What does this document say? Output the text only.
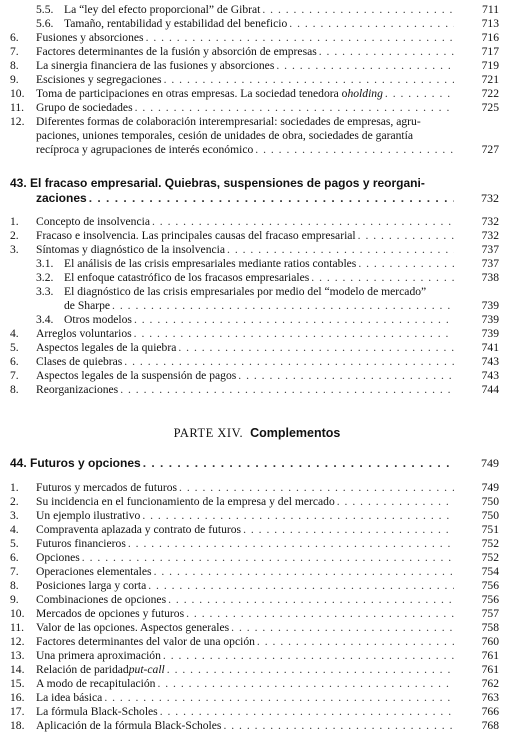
5.5. La “ley del efecto proporcional” de Gibrat . . .	711
5.6. Tamaño, rentabilidad y estabilidad del beneficio . . .	713
6. Fusiones y absorciones . . .	716
7. Factores determinantes de la fusión y absorción de empresas . . .	717
8. La sinergia financiera de las fusiones y absorciones . . .	719
9. Escisiones y segregaciones . . .	721
10. Toma de participaciones en otras empresas. La sociedad tenedora o holding . . .	722
11. Grupo de sociedades . . .	725
12. Diferentes formas de colaboración interempresarial: sociedades de empresas, agru-
paciones, uniones temporales, cesión de unidades de obra, sociedades de garantía
recíproca y agrupaciones de interés económico . . .	727
43. El fracaso empresarial. Quiebras, suspensiones de pagos y reorgani-
zaciones . . .	732
1. Concepto de insolvencia . . .	732
2. Fracaso e insolvencia. Las principales causas del fracaso empresarial . . .	732
3. Síntomas y diagnóstico de la insolvencia . . .	737
3.1. El análisis de las crisis empresariales mediante ratios contables . . .	737
3.2. El enfoque catastrófico de los fracasos empresariales . . .	738
3.3. El diagnóstico de las crisis empresariales por medio del “modelo de mercado”
de Sharpe . . .	739
3.4. Otros modelos . . .	739
4. Arreglos voluntarios . . .	739
5. Aspectos legales de la quiebra . . .	741
6. Clases de quiebras . . .	743
7. Aspectos legales de la suspensión de pagos . . .	743
8. Reorganizaciones . . .	744
PARTE XIV. Complementos
44. Futuros y opciones . . .	749
1. Futuros y mercados de futuros . . .	749
2. Su incidencia en el funcionamiento de la empresa y del mercado . . .	750
3. Un ejemplo ilustrativo . . .	750
4. Compraventa aplazada y contrato de futuros . . .	751
5. Futuros financieros . . .	752
6. Opciones . . .	752
7. Operaciones elementales . . .	754
8. Posiciones larga y corta . . .	756
9. Combinaciones de opciones . . .	756
10. Mercados de opciones y futuros . . .	757
11. Valor de las opciones. Aspectos generales . . .	758
12. Factores determinantes del valor de una opción . . .	760
13. Una primera aproximación . . .	761
14. Relación de paridad put-call . . .	761
15. A modo de recapitulación . . .	762
16. La idea básica . . .	763
17. La fórmula Black-Scholes . . .	766
18. Aplicación de la fórmula Black-Scholes . . .	768
